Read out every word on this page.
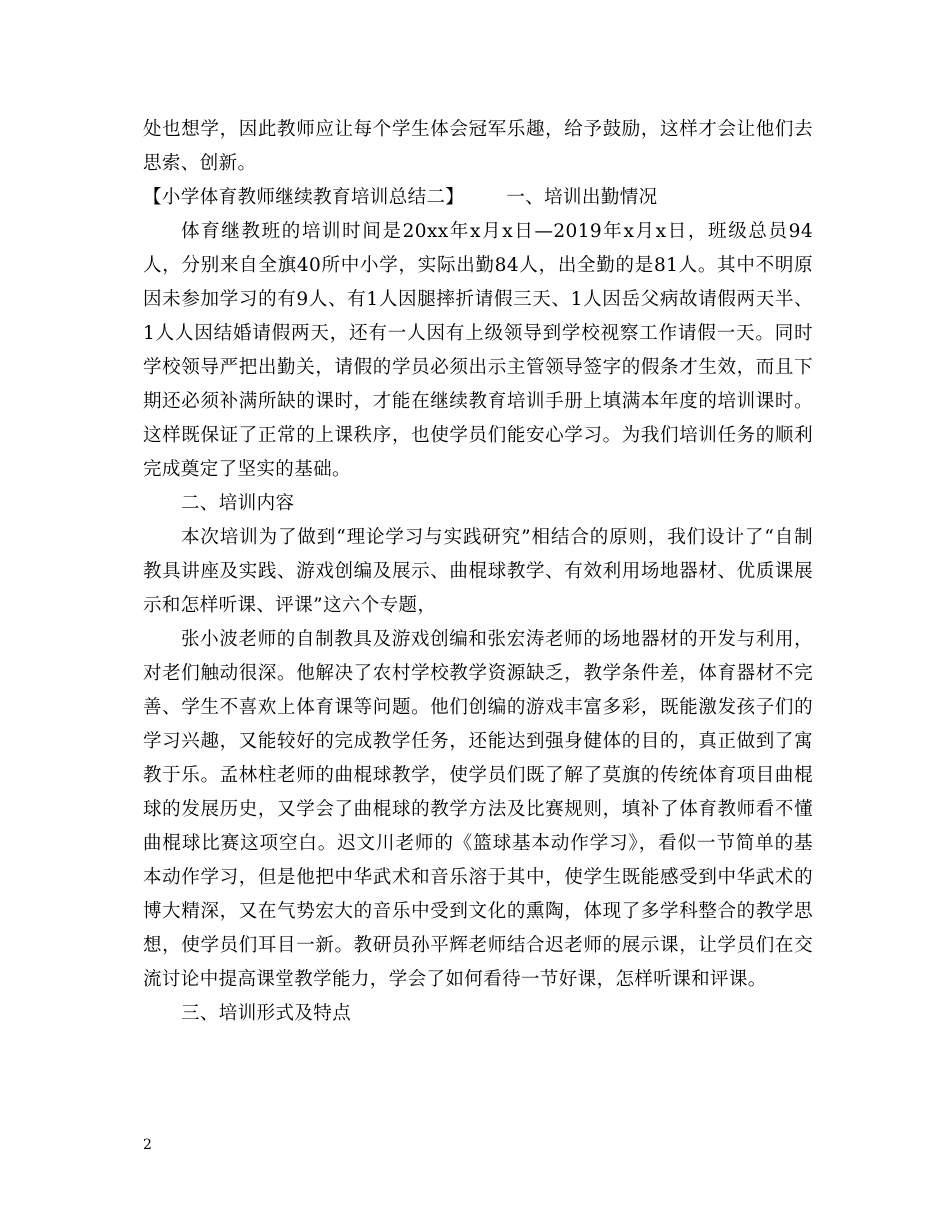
处也想学，因此教师应让每个学生体会冠军乐趣，给予鼓励，这样才会让他们去思索、创新。

【小学体育教师继续教育培训总结二】 一、培训出勤情况

体育继教班的培训时间是20xx年x月x日—2019年x月x日，班级总员94人，分别来自全旗40所中小学，实际出勤84人，出全勤的是81人。其中不明原因未参加学习的有9人、有1人因腿摔折请假三天、1人因岳父病故请假两天半、1人人因结婚请假两天，还有一人因有上级领导到学校视察工作请假一天。同时学校领导严把出勤关，请假的学员必须出示主管领导签字的假条才生效，而且下期还必须补满所缺的课时，才能在继续教育培训手册上填满本年度的培训课时。这样既保证了正常的上课秩序，也使学员们能安心学习。为我们培训任务的顺利完成奠定了坚实的基础。

二、培训内容

本次培训为了做到“理论学习与实践研究”相结合的原则，我们设计了“自制教具讲座及实践、游戏创编及展示、曲棍球教学、有效利用场地器材、优质课展示和怎样听课、评课”这六个专题，

张小波老师的自制教具及游戏创编和张宏涛老师的场地器材的开发与利用，对老们触动很深。他解决了农村学校教学资源缺乏，教学条件差，体育器材不完善、学生不喜欢上体育课等问题。他们创编的游戏丰富多彩，既能激发孩子们的学习兴趣，又能较好的完成教学任务，还能达到强身健体的目的，真正做到了寓教于乐。孟林柱老师的曲棍球教学，使学员们既了解了莫旗的传统体育项目曲棍球的发展历史，又学会了曲棍球的教学方法及比赛规则，填补了体育教师看不懂曲棍球比赛这项空白。迟文川老师的《篮球基本动作学习》，看似一节简单的基本动作学习，但是他把中华武术和音乐溶于其中，使学生既能感受到中华武术的博大精深，又在气势宏大的音乐中受到文化的熏陶，体现了多学科整合的教学思想，使学员们耳目一新。教研员孙平辉老师结合迟老师的展示课，让学员们在交流讨论中提高课堂教学能力，学会了如何看待一节好课，怎样听课和评课。

三、培训形式及特点

2
